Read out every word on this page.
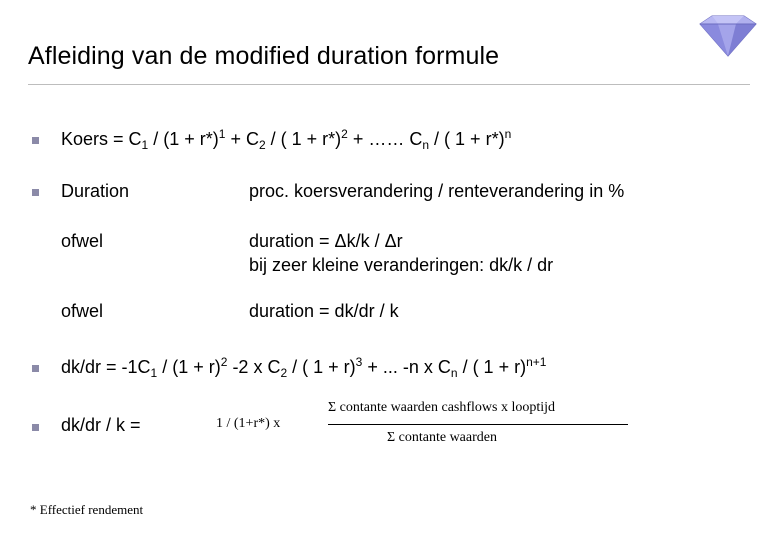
Afleiding van de modified duration formule
Koers = $C_1 / (1 + r*)^1 + C_2$ / ( 1 + r*)$^2$ + …… $C_n$ / ( 1 + r*)$^n$
Duration	proc. koersverandering / renteverandering in %
ofwel	duration = Δk/k / Δr
bij zeer kleine veranderingen: dk/k / dr
ofwel	duration = dk/dr / k
$dk/dr = -1C_1 / (1 + r)^2$ -2 x $C_2$ / ( 1 + r)$^3$ + ... -n x $C_n$ / ( 1 + r)$^{n+1}$
dk/dr / k =	1 / (1+r*) x
Σ contante waarden cashflows x looptijd
Σ contante waarden
* Effectief rendement
